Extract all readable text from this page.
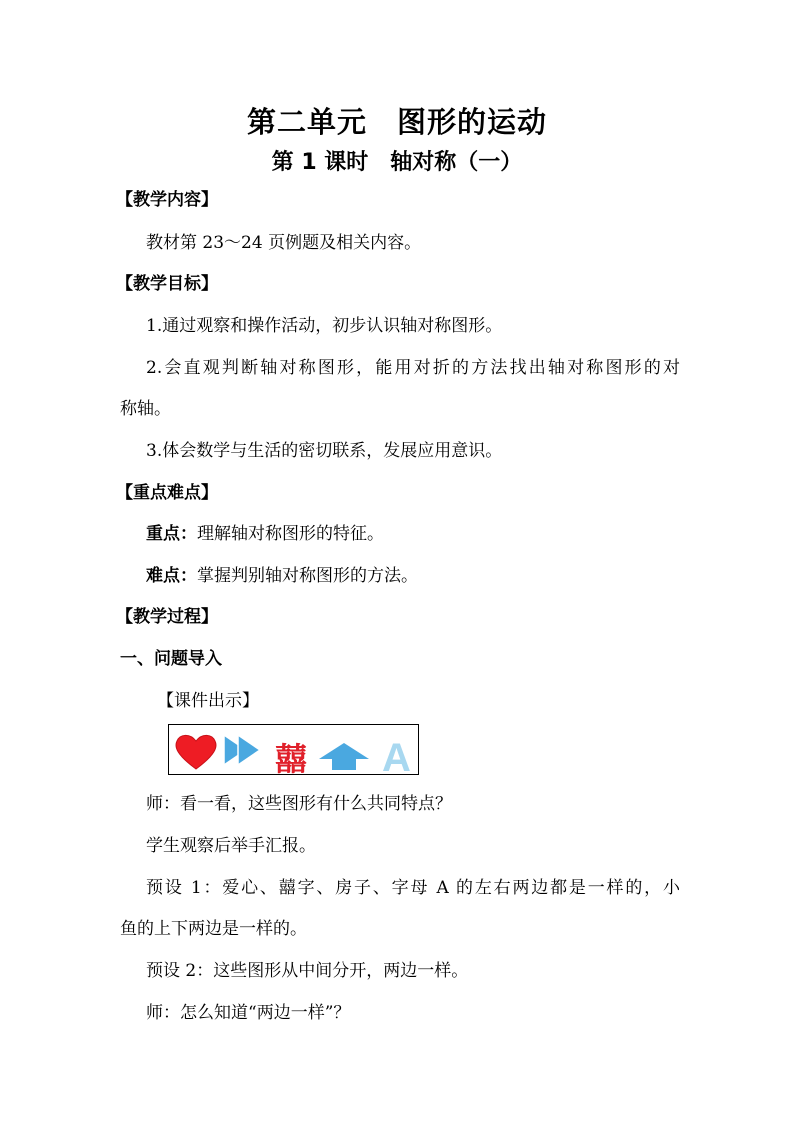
第二单元　图形的运动
第 1 课时　轴对称（一）
【教学内容】
教材第 23～24 页例题及相关内容。
【教学目标】
1.通过观察和操作活动，初步认识轴对称图形。
2.会直观判断轴对称图形，能用对折的方法找出轴对称图形的对
称轴。
3.体会数学与生活的密切联系，发展应用意识。
【重点难点】
重点：理解轴对称图形的特征。
难点：掌握判别轴对称图形的方法。
【教学过程】
一、问题导入
【课件出示】
囍 A
师：看一看，这些图形有什么共同特点？
学生观察后举手汇报。
预设 1：爱心、囍字、房子、字母 A 的左右两边都是一样的，小
鱼的上下两边是一样的。
预设 2：这些图形从中间分开，两边一样。
师：怎么知道“两边一样”？
